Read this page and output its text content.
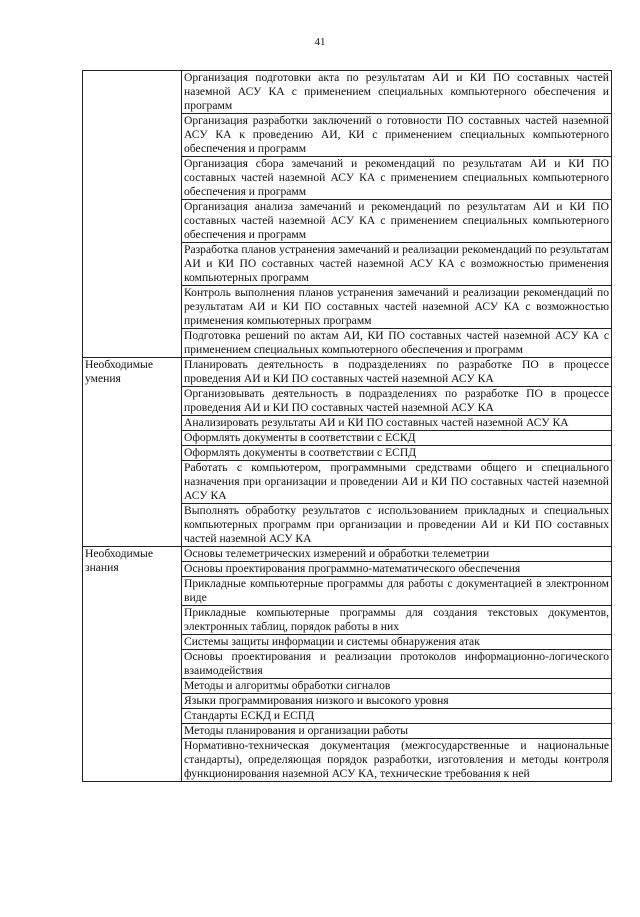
41
	Организация подготовки акта по результатам АИ и КИ ПО составных частей наземной АСУ КА с применением специальных компьютерного обеспечения и программ
	Организация разработки заключений о готовности ПО составных частей наземной АСУ КА к проведению АИ, КИ с применением специальных компьютерного обеспечения и программ
	Организация сбора замечаний и рекомендаций по результатам АИ и КИ ПО составных частей наземной АСУ КА с применением специальных компьютерного обеспечения и программ
	Организация анализа замечаний и рекомендаций по результатам АИ и КИ ПО составных частей наземной АСУ КА с применением специальных компьютерного обеспечения и программ
	Разработка планов устранения замечаний и реализации рекомендаций по результатам АИ и КИ ПО составных частей наземной АСУ КА с возможностью применения компьютерных программ
	Контроль выполнения планов устранения замечаний и реализации рекомендаций по результатам АИ и КИ ПО составных частей наземной АСУ КА с возможностью применения компьютерных программ
	Подготовка решений по актам АИ, КИ ПО составных частей наземной АСУ КА с применением специальных компьютерного обеспечения и программ
Необходимые умения	Планировать деятельность в подразделениях по разработке ПО в процессе проведения АИ и КИ ПО составных частей наземной АСУ КА
	Организовывать деятельность в подразделениях по разработке ПО в процессе проведения АИ и КИ ПО составных частей наземной АСУ КА
	Анализировать результаты АИ и КИ ПО составных частей наземной АСУ КА
	Оформлять документы в соответствии с ЕСКД
	Оформлять документы в соответствии с ЕСПД
	Работать с компьютером, программными средствами общего и специального назначения при организации и проведении АИ и КИ ПО составных частей наземной АСУ КА
	Выполнять обработку результатов с использованием прикладных и специальных компьютерных программ при организации и проведении АИ и КИ ПО составных частей наземной АСУ КА
Необходимые знания	Основы телеметрических измерений и обработки телеметрии
	Основы проектирования программно-математического обеспечения
	Прикладные компьютерные программы для работы с документацией в электронном виде
	Прикладные компьютерные программы для создания текстовых документов, электронных таблиц, порядок работы в них
	Системы защиты информации и системы обнаружения атак
	Основы проектирования и реализации протоколов информационно-логического взаимодействия
	Методы и алгоритмы обработки сигналов
	Языки программирования низкого и высокого уровня
	Стандарты ЕСКД и ЕСПД
	Методы планирования и организации работы
	Нормативно-техническая документация (межгосударственные и национальные стандарты), определяющая порядок разработки, изготовления и методы контроля функционирования наземной АСУ КА, технические требования к ней
